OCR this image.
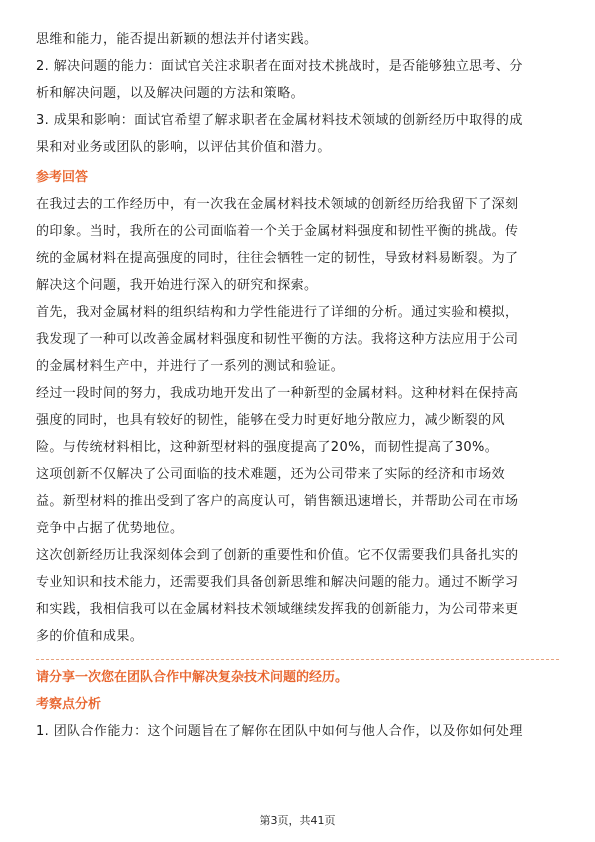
思维和能力，能否提出新颖的想法并付诸实践。

2. 解决问题的能力：面试官关注求职者在面对技术挑战时，是否能够独立思考、分

析和解决问题，以及解决问题的方法和策略。

3. 成果和影响：面试官希望了解求职者在金属材料技术领域的创新经历中取得的成

果和对业务或团队的影响，以评估其价值和潜力。

参考回答

在我过去的工作经历中，有一次我在金属材料技术领域的创新经历给我留下了深刻

的印象。当时，我所在的公司面临着一个关于金属材料强度和韧性平衡的挑战。传

统的金属材料在提高强度的同时，往往会牺牲一定的韧性，导致材料易断裂。为了

解决这个问题，我开始进行深入的研究和探索。

首先，我对金属材料的组织结构和力学性能进行了详细的分析。通过实验和模拟，

我发现了一种可以改善金属材料强度和韧性平衡的方法。我将这种方法应用于公司

的金属材料生产中，并进行了一系列的测试和验证。

经过一段时间的努力，我成功地开发出了一种新型的金属材料。这种材料在保持高

强度的同时，也具有较好的韧性，能够在受力时更好地分散应力，减少断裂的风

险。与传统材料相比，这种新型材料的强度提高了20%，而韧性提高了30%。

这项创新不仅解决了公司面临的技术难题，还为公司带来了实际的经济和市场效

益。新型材料的推出受到了客户的高度认可，销售额迅速增长，并帮助公司在市场

竞争中占据了优势地位。

这次创新经历让我深刻体会到了创新的重要性和价值。它不仅需要我们具备扎实的

专业知识和技术能力，还需要我们具备创新思维和解决问题的能力。通过不断学习

和实践，我相信我可以在金属材料技术领域继续发挥我的创新能力，为公司带来更

多的价值和成果。

请分享一次您在团队合作中解决复杂技术问题的经历。

考察点分析

1. 团队合作能力：这个问题旨在了解你在团队中如何与他人合作，以及你如何处理

第3页，共41页
